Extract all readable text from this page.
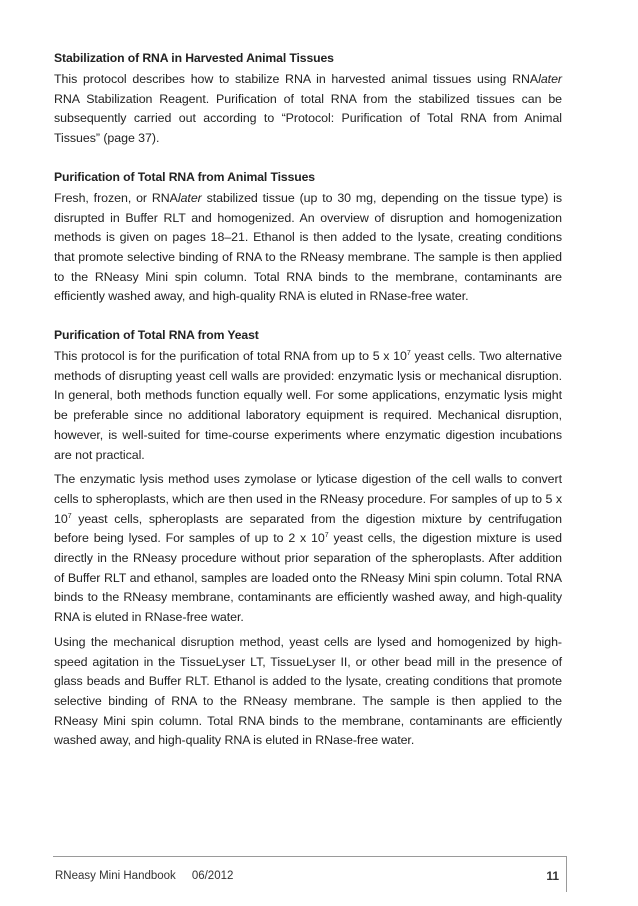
Stabilization of RNA in Harvested Animal Tissues

This protocol describes how to stabilize RNA in harvested animal tissues using RNAlater RNA Stabilization Reagent. Purification of total RNA from the stabilized tissues can be subsequently carried out according to “Protocol: Purification of Total RNA from Animal Tissues” (page 37).

Purification of Total RNA from Animal Tissues

Fresh, frozen, or RNAlater stabilized tissue (up to 30 mg, depending on the tissue type) is disrupted in Buffer RLT and homogenized. An overview of disruption and homogenization methods is given on pages 18–21. Ethanol is then added to the lysate, creating conditions that promote selective binding of RNA to the RNeasy membrane. The sample is then applied to the RNeasy Mini spin column. Total RNA binds to the membrane, contaminants are efficiently washed away, and high-quality RNA is eluted in RNase-free water.

Purification of Total RNA from Yeast

This protocol is for the purification of total RNA from up to 5 x $10^7$ yeast cells. Two alternative methods of disrupting yeast cell walls are provided: enzymatic lysis or mechanical disruption. In general, both methods function equally well. For some applications, enzymatic lysis might be preferable since no additional laboratory equipment is required. Mechanical disruption, however, is well-suited for time-course experiments where enzymatic digestion incubations are not practical.

The enzymatic lysis method uses zymolase or lyticase digestion of the cell walls to convert cells to spheroplasts, which are then used in the RNeasy procedure. For samples of up to 5 x $10^7$ yeast cells, spheroplasts are separated from the digestion mixture by centrifugation before being lysed. For samples of up to 2 x $10^7$ yeast cells, the digestion mixture is used directly in the RNeasy procedure without prior separation of the spheroplasts. After addition of Buffer RLT and ethanol, samples are loaded onto the RNeasy Mini spin column. Total RNA binds to the RNeasy membrane, contaminants are efficiently washed away, and high-quality RNA is eluted in RNase-free water.

Using the mechanical disruption method, yeast cells are lysed and homogenized by high-speed agitation in the TissueLyser LT, TissueLyser II, or other bead mill in the presence of glass beads and Buffer RLT. Ethanol is added to the lysate, creating conditions that promote selective binding of RNA to the RNeasy membrane. The sample is then applied to the RNeasy Mini spin column. Total RNA binds to the membrane, contaminants are efficiently washed away, and high-quality RNA is eluted in RNase-free water.

RNeasy Mini Handbook 06/2012	11
